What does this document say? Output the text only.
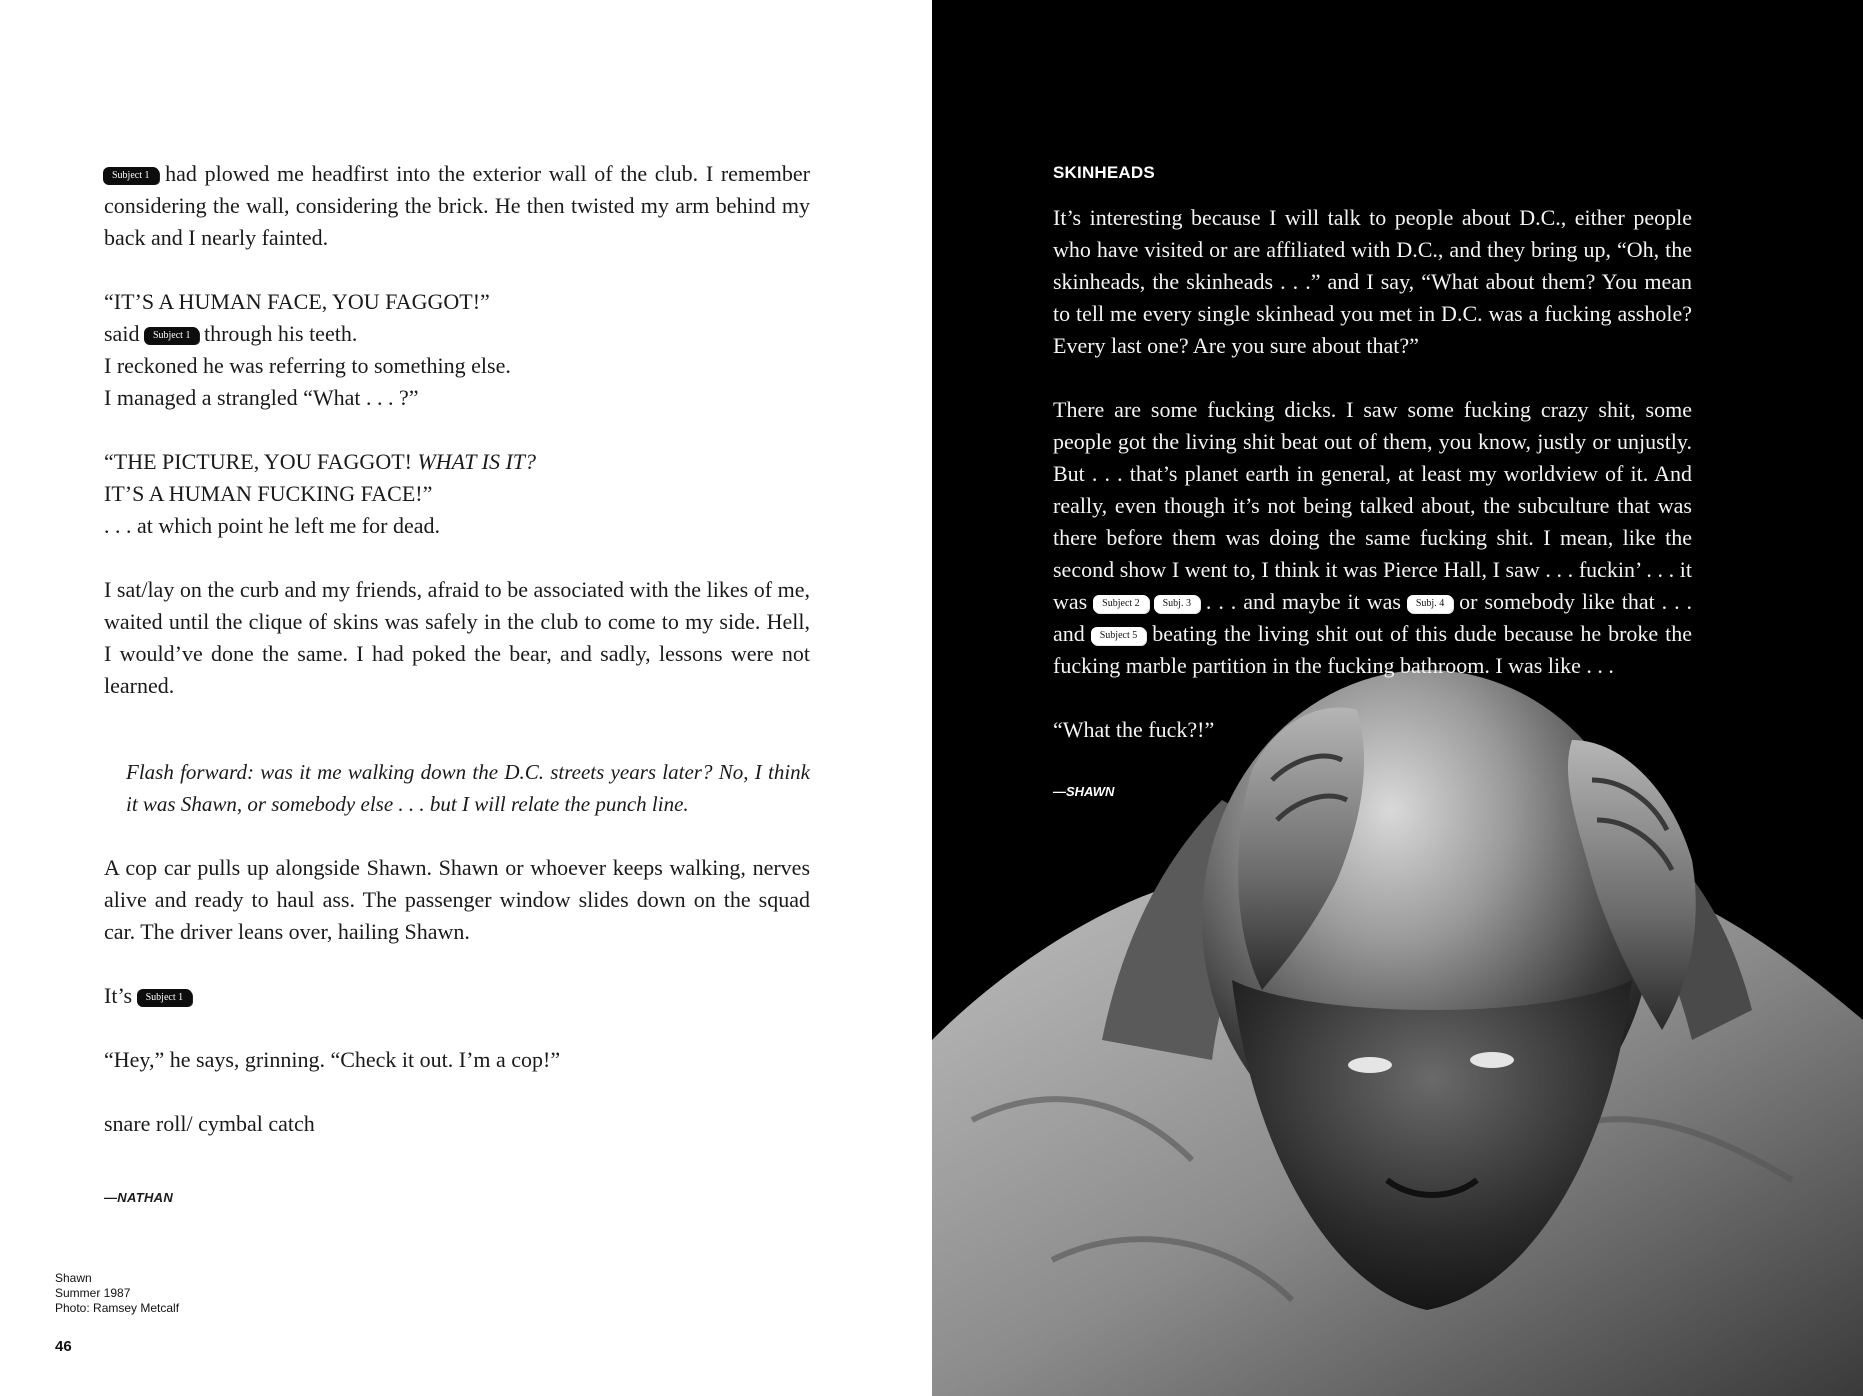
Subject 1 had plowed me headfirst into the exterior wall of the club. I remember considering the wall, considering the brick. He then twisted my arm behind my back and I nearly fainted.

“IT’S A HUMAN FACE, YOU FAGGOT!”

said Subject 1 through his teeth.

I reckoned he was referring to something else.

I managed a strangled “What . . . ?”

“THE PICTURE, YOU FAGGOT! WHAT IS IT?

IT’S A HUMAN FUCKING FACE!”

. . . at which point he left me for dead.

I sat/lay on the curb and my friends, afraid to be associated with the likes of me, waited until the clique of skins was safely in the club to come to my side. Hell, I would’ve done the same. I had poked the bear, and sadly, lessons were not learned.

Flash forward: was it me walking down the D.C. streets years later? No, I think it was Shawn, or somebody else . . . but I will relate the punch line.

A cop car pulls up alongside Shawn. Shawn or whoever keeps walking, nerves alive and ready to haul ass. The passenger window slides down on the squad car. The driver leans over, hailing Shawn.

It’s Subject 1

“Hey,” he says, grinning. “Check it out. I’m a cop!”

snare roll/ cymbal catch

—NATHAN

Shawn
Summer 1987
Photo: Ramsey Metcalf
46

SKINHEADS

It’s interesting because I will talk to people about D.C., either people who have visited or are affiliated with D.C., and they bring up, “Oh, the skinheads, the skinheads . . .” and I say, “What about them? You mean to tell me every single skinhead you met in D.C. was a fucking asshole? Every last one? Are you sure about that?”

There are some fucking dicks. I saw some fucking crazy shit, some people got the living shit beat out of them, you know, justly or unjustly. But . . . that’s planet earth in general, at least my worldview of it. And really, even though it’s not being talked about, the subculture that was there before them was doing the same fucking shit. I mean, like the second show I went to, I think it was Pierce Hall, I saw . . . fuckin’ . . . it was Subject 2 Subj. 3 . . . and maybe it was Subj. 4 or somebody like that . . . and Subject 5 beating the living shit out of this dude because he broke the fucking marble partition in the fucking bathroom. I was like . . .

“What the fuck?!”

—SHAWN
